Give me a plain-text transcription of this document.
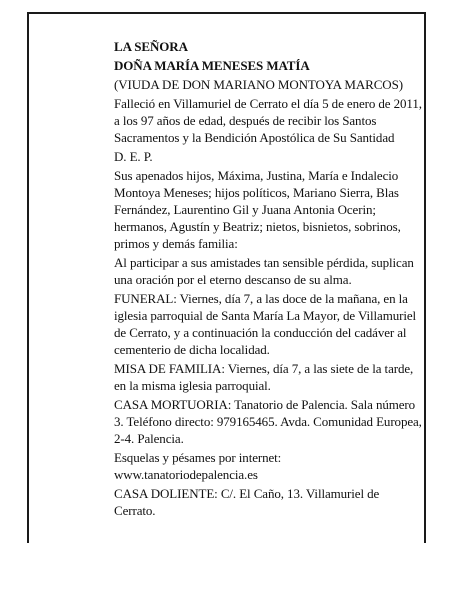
LA SEÑORA

DOÑA MARÍA MENESES MATÍA

(VIUDA DE DON MARIANO MONTOYA MARCOS)

Falleció en Villamuriel de Cerrato el día 5 de enero de 2011, a los 97 años de edad, después de recibir los Santos Sacramentos y la Bendición Apostólica de Su Santidad

D. E. P.

Sus apenados hijos, Máxima, Justina, María e Indalecio Montoya Meneses; hijos políticos, Mariano Sierra, Blas Fernández, Laurentino Gil y Juana Antonia Ocerin; hermanos, Agustín y Beatriz; nietos, bisnietos, sobrinos, primos y demás familia:

Al participar a sus amistades tan sensible pérdida, suplican una oración por el eterno descanso de su alma.

FUNERAL: Viernes, día 7, a las doce de la mañana, en la iglesia parroquial de Santa María La Mayor, de Villamuriel de Cerrato, y a continuación la conducción del cadáver al cementerio de dicha localidad.

MISA DE FAMILIA: Viernes, día 7, a las siete de la tarde, en la misma iglesia parroquial.

CASA MORTUORIA: Tanatorio de Palencia. Sala número 3. Teléfono directo: 979165465. Avda. Comunidad Europea, 2-4. Palencia.

Esquelas y pésames por internet: www.tanatoriodepalencia.es

CASA DOLIENTE: C/. El Caño, 13. Villamuriel de Cerrato.
